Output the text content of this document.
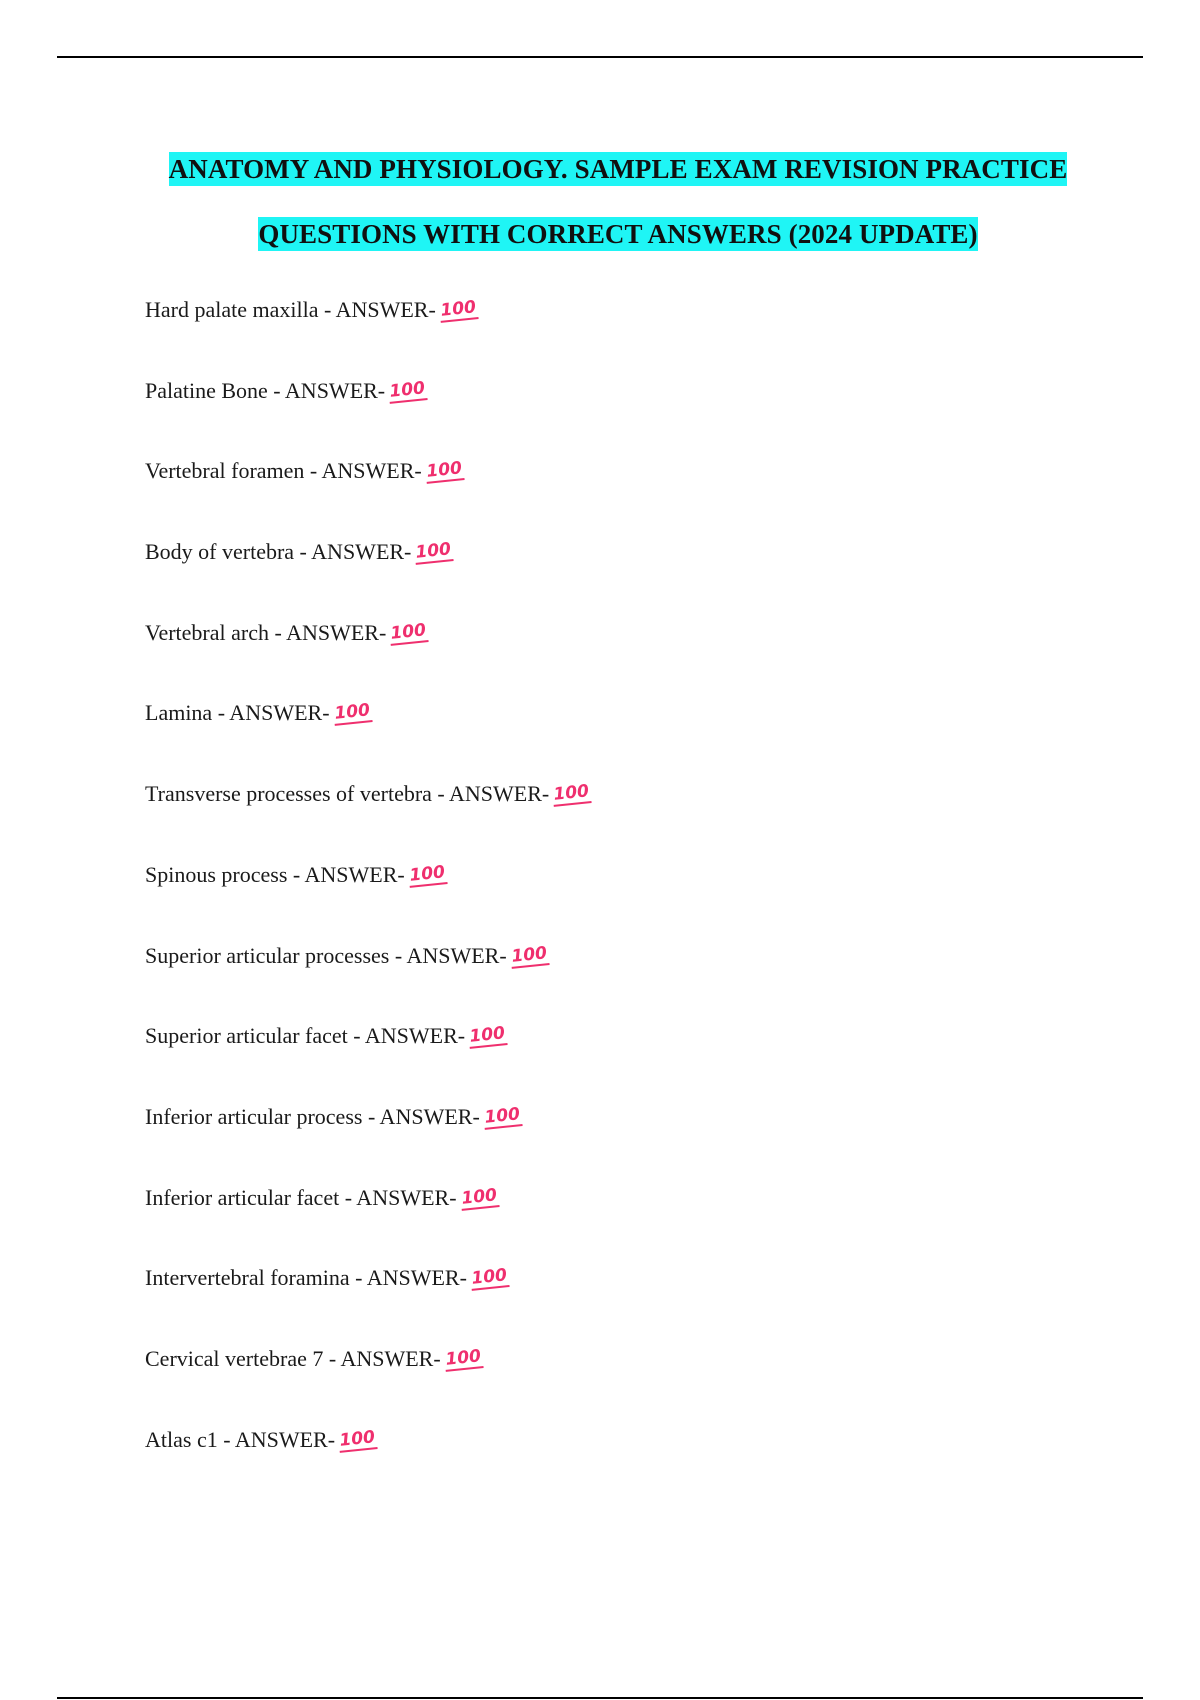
ANATOMY AND PHYSIOLOGY. SAMPLE EXAM REVISION PRACTICE
QUESTIONS WITH CORRECT ANSWERS (2024 UPDATE)
Hard palate maxilla - ANSWER- 100
Palatine Bone - ANSWER- 100
Vertebral foramen - ANSWER- 100
Body of vertebra - ANSWER- 100
Vertebral arch - ANSWER- 100
Lamina - ANSWER- 100
Transverse processes of vertebra - ANSWER- 100
Spinous process - ANSWER- 100
Superior articular processes - ANSWER- 100
Superior articular facet - ANSWER- 100
Inferior articular process - ANSWER- 100
Inferior articular facet - ANSWER- 100
Intervertebral foramina - ANSWER- 100
Cervical vertebrae 7 - ANSWER- 100
Atlas c1 - ANSWER- 100
